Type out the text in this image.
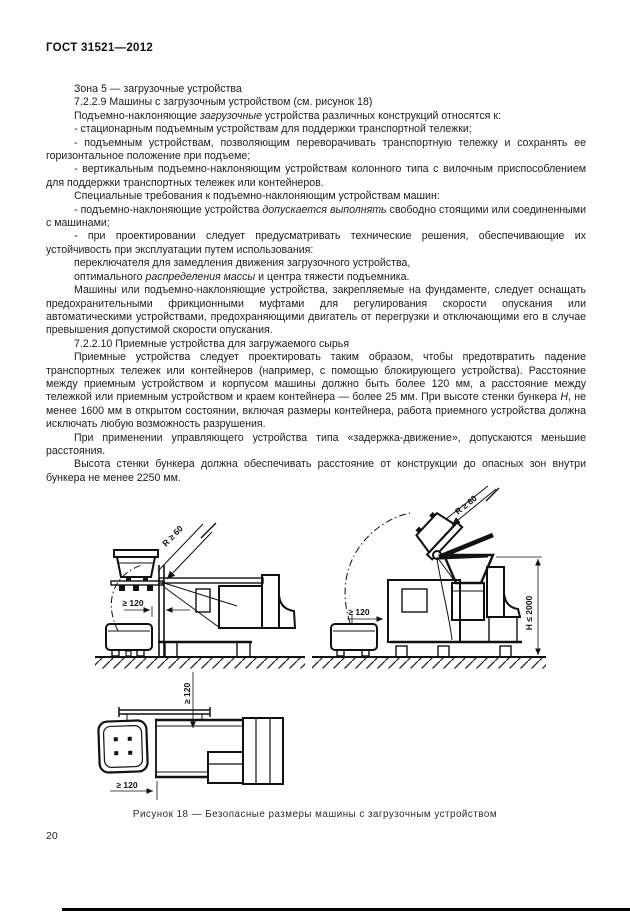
ГОСТ 31521—2012

Зона 5 — загрузочные устройства

7.2.2.9 Машины с загрузочным устройством (см. рисунок 18)

Подъемно-наклоняющие загрузочные устройства различных конструкций относятся к:

- стационарным подъемным устройствам для поддержки транспортной тележки;

- подъемным устройствам, позволяющим переворачивать транспортную тележку и сохранять ее горизонтальное положение при подъеме;

- вертикальным подъемно-наклоняющим устройствам колонного типа с вилочным приспособлением для поддержки транспортных тележек или контейнеров.

Специальные требования к подъемно-наклоняющим устройствам машин:

- подъемно-наклоняющие устройства допускается выполнять свободно стоящими или соединенными с машинами;

- при проектировании следует предусматривать технические решения, обеспечивающие их устойчивость при эксплуатации путем использования:

переключателя для замедления движения загрузочного устройства,

оптимального распределения массы и центра тяжести подъемника.

Машины или подъемно-наклоняющие устройства, закрепляемые на фундаменте, следует оснащать предохранительными фрикционными муфтами для регулирования скорости опускания или автоматическими устройствами, предохраняющими двигатель от перегрузки и отключающими его в случае превышения допустимой скорости опускания.

7.2.2.10 Приемные устройства для загружаемого сырья

Приемные устройства следует проектировать таким образом, чтобы предотвратить падение транспортных тележек или контейнеров (например, с помощью блокирующего устройства). Расстояние между приемным устройством и корпусом машины должно быть более 120 мм, а расстояние между тележкой или приемным устройством и краем контейнера — более 25 мм. При высоте стенки бункера H, не менее 1600 мм в открытом состоянии, включая размеры контейнера, работа приемного устройства должна исключать любую возможность разрушения.

При применении управляющего устройства типа «задержка-движение», допускаются меньшие расстояния.

Высота стенки бункера должна обеспечивать расстояние от конструкции до опасных зон внутри бункера не менее 2250 мм.

R ≥ 60
≥ 120
R ≥ 60
≥ 120	H ≤ 2000
≥ 120
≥ 120
Рисунок 18 — Безопасные размеры машины с загрузочным устройством
20
